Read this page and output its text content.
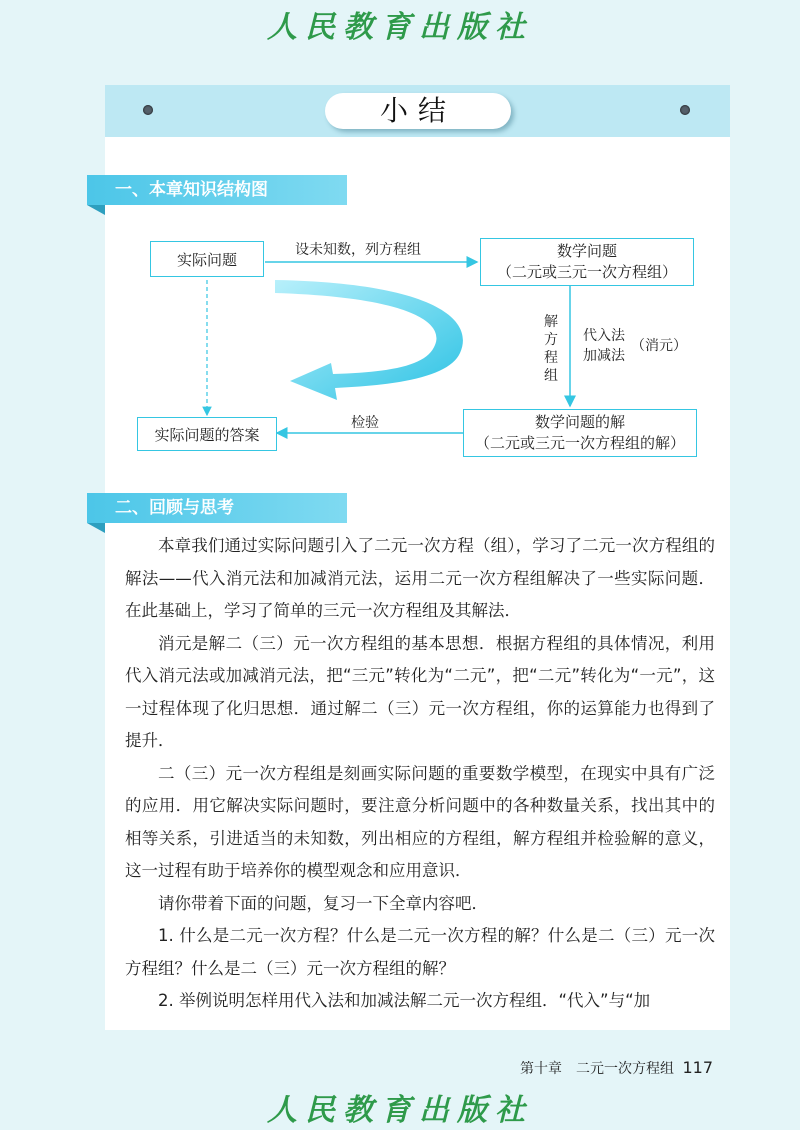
人民教育出版社
小结
一、本章知识结构图
实际问题	数学问题
（二元或三元一次方程组）
数学问题的解
（二元或三元一次方程组的解）
实际问题的答案
设未知数，列方程组
解
方
程
组
代入法
加减法
（消元）
检验
二、回顾与思考

本章我们通过实际问题引入了二元一次方程（组），学习了二元一次方程组的解法——代入消元法和加减消元法，运用二元一次方程组解决了一些实际问题．在此基础上，学习了简单的三元一次方程组及其解法．

消元是解二（三）元一次方程组的基本思想．根据方程组的具体情况，利用代入消元法或加减消元法，把“三元”转化为“二元”，把“二元”转化为“一元”，这一过程体现了化归思想．通过解二（三）元一次方程组，你的运算能力也得到了提升．

二（三）元一次方程组是刻画实际问题的重要数学模型，在现实中具有广泛的应用．用它解决实际问题时，要注意分析问题中的各种数量关系，找出其中的相等关系，引进适当的未知数，列出相应的方程组，解方程组并检验解的意义，这一过程有助于培养你的模型观念和应用意识．

请你带着下面的问题，复习一下全章内容吧．

1. 什么是二元一次方程？什么是二元一次方程的解？什么是二（三）元一次方程组？什么是二（三）元一次方程组的解？

2. 举例说明怎样用代入法和加减法解二元一次方程组．“代入”与“加

第十章　二元一次方程组 117
人民教育出版社
